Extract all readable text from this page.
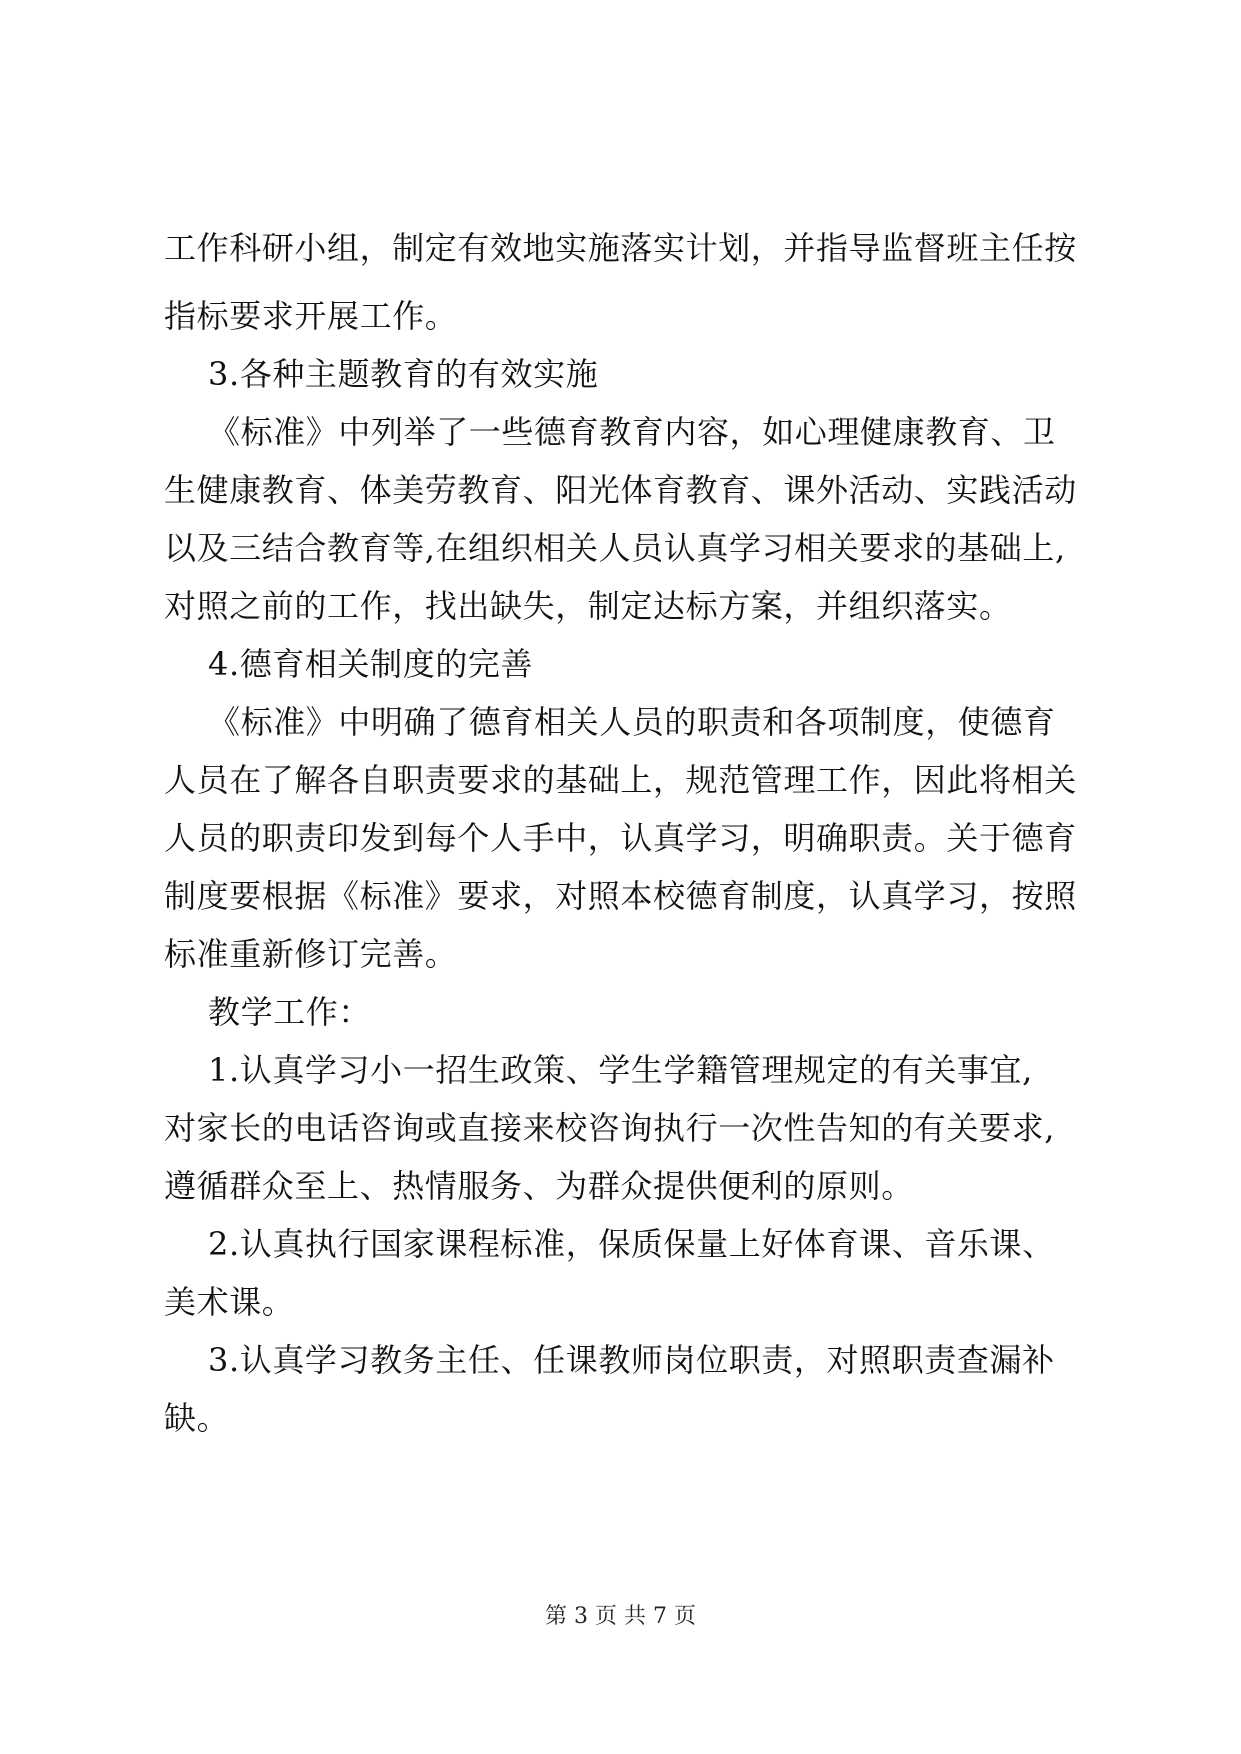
工作科研小组，制定有效地实施落实计划，并指导监督班主任按
指标要求开展工作。
3.各种主题教育的有效实施
《标准》中列举了一些德育教育内容，如心理健康教育、卫
生健康教育、体美劳教育、阳光体育教育、课外活动、实践活动
以及三结合教育等,在组织相关人员认真学习相关要求的基础上,
对照之前的工作，找出缺失，制定达标方案，并组织落实。
4.德育相关制度的完善
《标准》中明确了德育相关人员的职责和各项制度，使德育
人员在了解各自职责要求的基础上，规范管理工作，因此将相关
人员的职责印发到每个人手中，认真学习，明确职责。关于德育
制度要根据《标准》要求，对照本校德育制度，认真学习，按照
标准重新修订完善。
教学工作：
1.认真学习小一招生政策、学生学籍管理规定的有关事宜,
对家长的电话咨询或直接来校咨询执行一次性告知的有关要求,
遵循群众至上、热情服务、为群众提供便利的原则。
2.认真执行国家课程标准，保质保量上好体育课、音乐课、
美术课。
3.认真学习教务主任、任课教师岗位职责，对照职责查漏补
缺。
第 3 页 共 7 页
